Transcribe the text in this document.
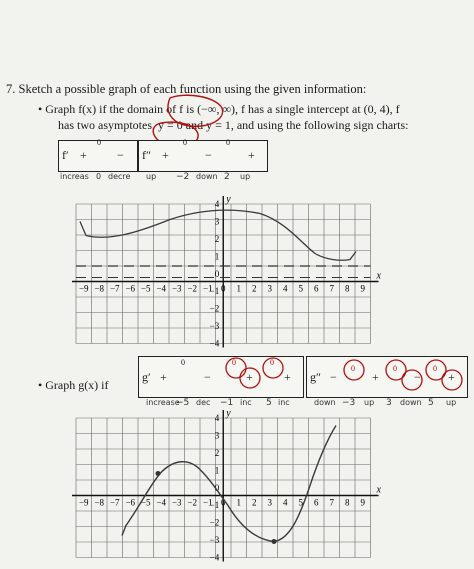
7. Sketch a possible graph of each function using the given information:
• Graph f(x) if the domain of f is (−∞, ∞), f has a single intercept at (0, 4), f
has two asymptotes, y = 0 and y = 1, and using the following sign charts:
f′ +	−
0
increas 0 decre
f″ +	−	+
0	0
up −2 down 2 up
−9 −8 −7 −6 −5 −4 −3 −2 −1 0 1 2 3 4 5 6 7 8 9
4
3
2
1
0
−1
−2
−3
−4
y
x
• Graph g(x) if
g′ +	−	+	+
0	0	0
increase
−5 dec −1 inc 5 inc
g″ −	+	− +
0	0	0
down −3 up 3 down 5 up
−9 −8 −7 −6 −5 −4 −3 −2 −1 0 1 2 3 4 5 6 7 8 9
4
3
2
1
0
−1
−2
−3
−4
y
x
